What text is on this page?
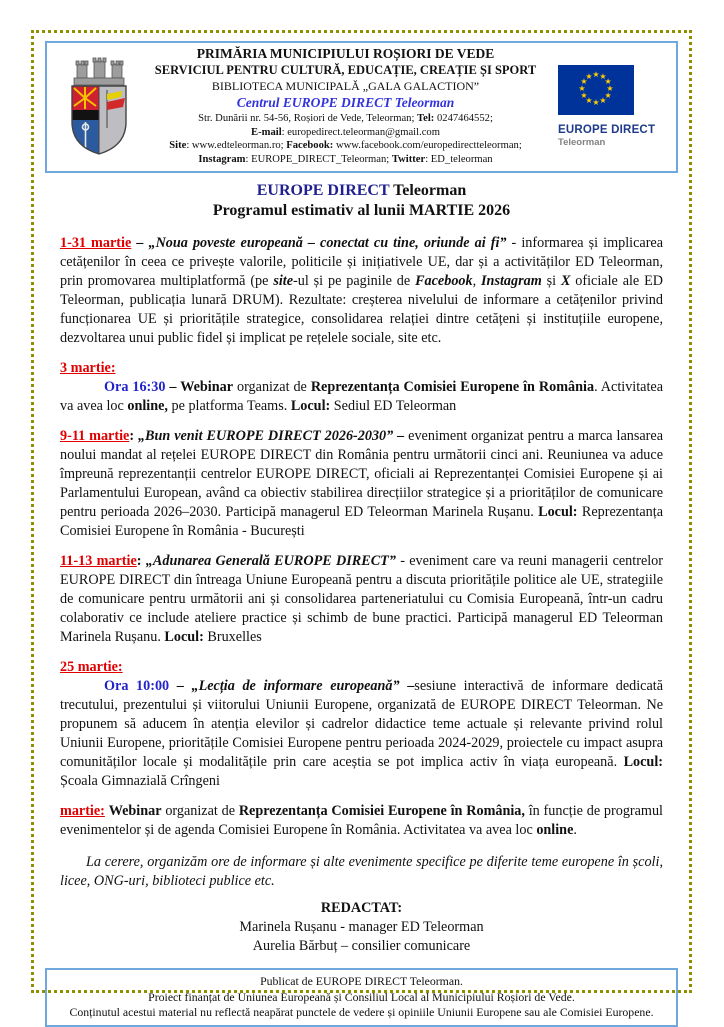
PRIMĂRIA MUNICIPIULUI ROȘIORI DE VEDE
SERVICIUL PENTRU CULTURĂ, EDUCAȚIE, CREAȚIE ȘI SPORT
BIBLIOTECA MUNICIPALĂ „GALA GALACTION”
Centrul EUROPE DIRECT Teleorman
Str. Dunării nr. 54-56, Roșiori de Vede, Teleorman; Tel: 0247464552;
E-mail: europedirect.teleorman@gmail.com
Site: www.edteleorman.ro; Facebook: www.facebook.com/europedirectteleorman;
Instagram: EUROPE_DIRECT_Teleorman; Twitter: ED_teleorman
★ ★
★
★
★
★
★
★
★
★
★
★
EUROPE DIRECT
Teleorman
EUROPE DIRECT Teleorman
Programul estimativ al lunii MARTIE 2026

1-31 martie – „Noua poveste europeană – conectat cu tine, oriunde ai fi” - informarea și implicarea cetățenilor în ceea ce privește valorile, politicile și inițiativele UE, dar și a activităților ED Teleorman, prin promovarea multiplatformă (pe site-ul și pe paginile de Facebook, Instagram și X oficiale ale ED Teleorman, publicația lunară DRUM). Rezultate: creșterea nivelului de informare a cetățenilor privind funcționarea UE și prioritățile strategice, consolidarea relației dintre cetățeni și instituțiile europene, dezvoltarea unui public fidel și implicat pe rețelele sociale, site etc.

3 martie:

Ora 16:30 – Webinar organizat de Reprezentanța Comisiei Europene în România. Activitatea va avea loc online, pe platforma Teams. Locul: Sediul ED Teleorman

9-11 martie: „Bun venit EUROPE DIRECT 2026-2030” – eveniment organizat pentru a marca lansarea noului mandat al rețelei EUROPE DIRECT din România pentru următorii cinci ani. Reuniunea va aduce împreună reprezentanții centrelor EUROPE DIRECT, oficiali ai Reprezentanței Comisiei Europene și ai Parlamentului European, având ca obiectiv stabilirea direcțiilor strategice și a priorităților de comunicare pentru perioada 2026–2030. Participă managerul ED Teleorman Marinela Rușanu. Locul: Reprezentanța Comisiei Europene în România - București

11-13 martie: „Adunarea Generală EUROPE DIRECT” - eveniment care va reuni managerii centrelor EUROPE DIRECT din întreaga Uniune Europeană pentru a discuta prioritățile politice ale UE, strategiile de comunicare pentru următorii ani și consolidarea parteneriatului cu Comisia Europeană, într-un cadru colaborativ ce include ateliere practice și schimb de bune practici. Participă managerul ED Teleorman Marinela Rușanu. Locul: Bruxelles

25 martie:

Ora 10:00 – „Lecția de informare europeană” –sesiune interactivă de informare dedicată trecutului, prezentului și viitorului Uniunii Europene, organizată de EUROPE DIRECT Teleorman. Ne propunem să aducem în atenția elevilor și cadrelor didactice teme actuale și relevante privind rolul Uniunii Europene, prioritățile Comisiei Europene pentru perioada 2024-2029, proiectele cu impact asupra comunităților locale și modalitățile prin care aceștia se pot implica activ în viața europeană. Locul: Școala Gimnazială Crîngeni

martie: Webinar organizat de Reprezentanța Comisiei Europene în România, în funcție de programul evenimentelor și de agenda Comisiei Europene în România. Activitatea va avea loc online.

La cerere, organizăm ore de informare și alte evenimente specifice pe diferite teme europene în școli, licee, ONG-uri, biblioteci publice etc.

REDACTAT:
Marinela Rușanu - manager ED Teleorman
Aurelia Bărbuț – consilier comunicare
Publicat de EUROPE DIRECT Teleorman.
Proiect finanțat de Uniunea Europeană și Consiliul Local al Municipiului Roșiori de Vede.
Conținutul acestui material nu reflectă neapărat punctele de vedere și opiniile Uniunii Europene sau ale Comisiei Europene.
